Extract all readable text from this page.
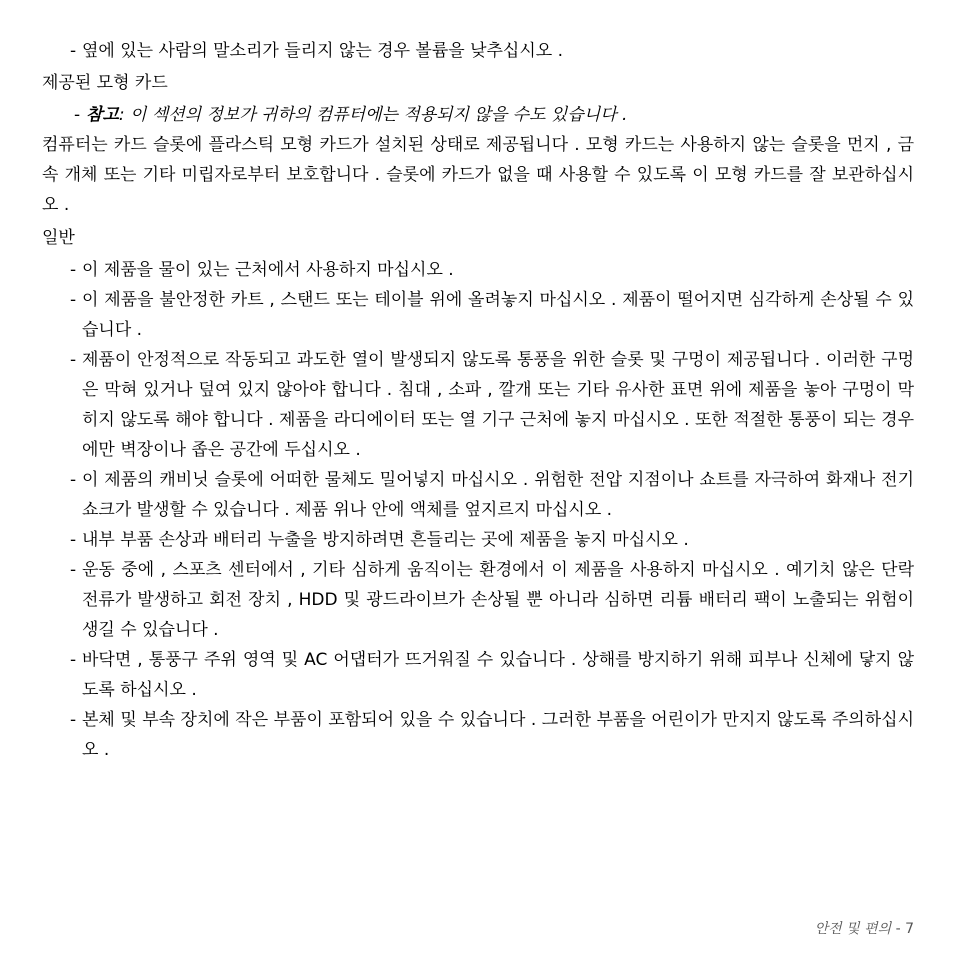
- 옆에 있는 사람의 말소리가 들리지 않는 경우 볼륨을 낮추십시오 .
제공된 모형 카드
- 참고: 이 섹션의 정보가 귀하의 컴퓨터에는 적용되지 않을 수도 있습니다 .
컴퓨터는 카드 슬롯에 플라스틱 모형 카드가 설치된 상태로 제공됩니다 . 모형 카드는 사용하지 않는 슬롯을 먼지 , 금속 개체 또는 기타 미립자로부터 보호합니다 . 슬롯에 카드가 없을 때 사용할 수 있도록 이 모형 카드를 잘 보관하십시오 .
일반
- 이 제품을 물이 있는 근처에서 사용하지 마십시오 .
- 이 제품을 불안정한 카트 , 스탠드 또는 테이블 위에 올려놓지 마십시오 . 제품이 떨어지면 심각하게 손상될 수 있습니다 .
- 제품이 안정적으로 작동되고 과도한 열이 발생되지 않도록 통풍을 위한 슬롯 및 구멍이 제공됩니다 . 이러한 구멍은 막혀 있거나 덮여 있지 않아야 합니다 . 침대 , 소파 , 깔개 또는 기타 유사한 표면 위에 제품을 놓아 구멍이 막히지 않도록 해야 합니다 . 제품을 라디에이터 또는 열 기구 근처에 놓지 마십시오 . 또한 적절한 통풍이 되는 경우에만 벽장이나 좁은 공간에 두십시오 .
- 이 제품의 캐비닛 슬롯에 어떠한 물체도 밀어넣지 마십시오 . 위험한 전압 지점이나 쇼트를 자극하여 화재나 전기 쇼크가 발생할 수 있습니다 . 제품 위나 안에 액체를 엎지르지 마십시오 .
- 내부 부품 손상과 배터리 누출을 방지하려면 흔들리는 곳에 제품을 놓지 마십시오 .
- 운동 중에 , 스포츠 센터에서 , 기타 심하게 움직이는 환경에서 이 제품을 사용하지 마십시오 . 예기치 않은 단락 전류가 발생하고 회전 장치 , HDD 및 광드라이브가 손상될 뿐 아니라 심하면 리튬 배터리 팩이 노출되는 위험이 생길 수 있습니다 .
- 바닥면 , 통풍구 주위 영역 및 AC 어댑터가 뜨거워질 수 있습니다 . 상해를 방지하기 위해 피부나 신체에 닿지 않도록 하십시오 .
- 본체 및 부속 장치에 작은 부품이 포함되어 있을 수 있습니다 . 그러한 부품을 어린이가 만지지 않도록 주의하십시오 .
안전 및 편의 - 7
